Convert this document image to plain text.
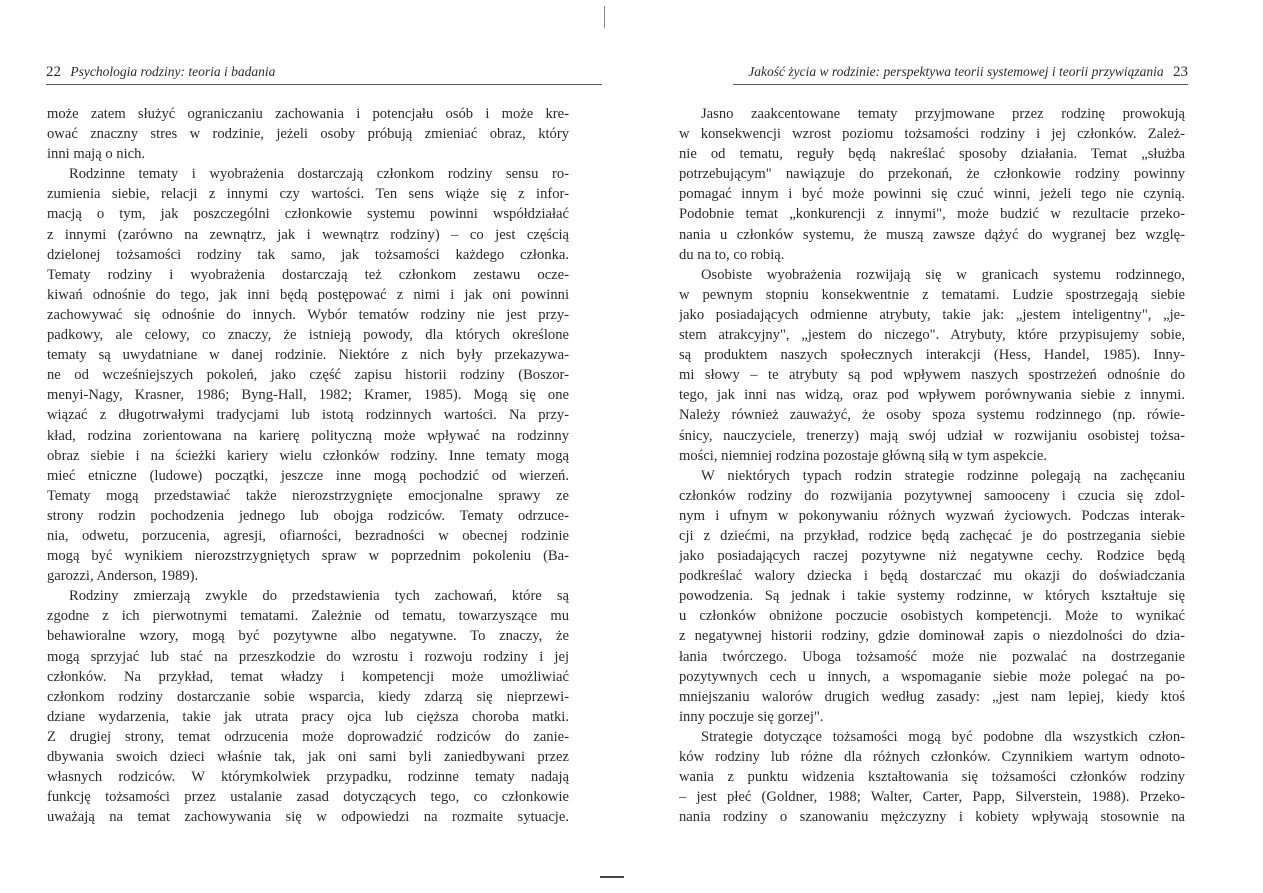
22 Psychologia rodziny: teoria i badania
może zatem służyć ograniczaniu zachowania i potencjału osób i może kre-
ować znaczny stres w rodzinie, jeżeli osoby próbują zmieniać obraz, który
inni mają o nich.
Rodzinne tematy i wyobrażenia dostarczają członkom rodziny sensu ro-
zumienia siebie, relacji z innymi czy wartości. Ten sens wiąże się z infor-
macją o tym, jak poszczególni członkowie systemu powinni współdziałać
z innymi (zarówno na zewnątrz, jak i wewnątrz rodziny) – co jest częścią
dzielonej tożsamości rodziny tak samo, jak tożsamości każdego członka.
Tematy rodziny i wyobrażenia dostarczają też członkom zestawu ocze-
kiwań odnośnie do tego, jak inni będą postępować z nimi i jak oni powinni
zachowywać się odnośnie do innych. Wybór tematów rodziny nie jest przy-
padkowy, ale celowy, co znaczy, że istnieją powody, dla których określone
tematy są uwydatniane w danej rodzinie. Niektóre z nich były przekazywa-
ne od wcześniejszych pokoleń, jako część zapisu historii rodziny (Boszor-
menyi-Nagy, Krasner, 1986; Byng-Hall, 1982; Kramer, 1985). Mogą się one
wiązać z długotrwałymi tradycjami lub istotą rodzinnych wartości. Na przy-
kład, rodzina zorientowana na karierę polityczną może wpływać na rodzinny
obraz siebie i na ścieżki kariery wielu członków rodziny. Inne tematy mogą
mieć etniczne (ludowe) początki, jeszcze inne mogą pochodzić od wierzeń.
Tematy mogą przedstawiać także nierozstrzygnięte emocjonalne sprawy ze
strony rodzin pochodzenia jednego lub obojga rodziców. Tematy odrzuce-
nia, odwetu, porzucenia, agresji, ofiarności, bezradności w obecnej rodzinie
mogą być wynikiem nierozstrzygniętych spraw w poprzednim pokoleniu (Ba-
garozzi, Anderson, 1989).
Rodziny zmierzają zwykle do przedstawienia tych zachowań, które są
zgodne z ich pierwotnymi tematami. Zależnie od tematu, towarzyszące mu
behawioralne wzory, mogą być pozytywne albo negatywne. To znaczy, że
mogą sprzyjać lub stać na przeszkodzie do wzrostu i rozwoju rodziny i jej
członków. Na przykład, temat władzy i kompetencji może umożliwiać
członkom rodziny dostarczanie sobie wsparcia, kiedy zdarzą się nieprzewi-
dziane wydarzenia, takie jak utrata pracy ojca lub cięższa choroba matki.
Z drugiej strony, temat odrzucenia może doprowadzić rodziców do zanie-
dbywania swoich dzieci właśnie tak, jak oni sami byli zaniedbywani przez
własnych rodziców. W którymkolwiek przypadku, rodzinne tematy nadają
funkcję tożsamości przez ustalanie zasad dotyczących tego, co członkowie
uważają na temat zachowywania się w odpowiedzi na rozmaite sytuacje.
Jakość życia w rodzinie: perspektywa teorii systemowej i teorii przywiązania 23
Jasno zaakcentowane tematy przyjmowane przez rodzinę prowokują
w konsekwencji wzrost poziomu tożsamości rodziny i jej członków. Zależ-
nie od tematu, reguły będą nakreślać sposoby działania. Temat „służba
potrzebującym" nawiązuje do przekonań, że członkowie rodziny powinny
pomagać innym i być może powinni się czuć winni, jeżeli tego nie czynią.
Podobnie temat „konkurencji z innymi", może budzić w rezultacie przeko-
nania u członków systemu, że muszą zawsze dążyć do wygranej bez wzglę-
du na to, co robią.
Osobiste wyobrażenia rozwijają się w granicach systemu rodzinnego,
w pewnym stopniu konsekwentnie z tematami. Ludzie spostrzegają siebie
jako posiadających odmienne atrybuty, takie jak: „jestem inteligentny", „je-
stem atrakcyjny", „jestem do niczego". Atrybuty, które przypisujemy sobie,
są produktem naszych społecznych interakcji (Hess, Handel, 1985). Inny-
mi słowy – te atrybuty są pod wpływem naszych spostrzeżeń odnośnie do
tego, jak inni nas widzą, oraz pod wpływem porównywania siebie z innymi.
Należy również zauważyć, że osoby spoza systemu rodzinnego (np. rówie-
śnicy, nauczyciele, trenerzy) mają swój udział w rozwijaniu osobistej tożsa-
mości, niemniej rodzina pozostaje główną siłą w tym aspekcie.
W niektórych typach rodzin strategie rodzinne polegają na zachęcaniu
członków rodziny do rozwijania pozytywnej samooceny i czucia się zdol-
nym i ufnym w pokonywaniu różnych wyzwań życiowych. Podczas interak-
cji z dziećmi, na przykład, rodzice będą zachęcać je do postrzegania siebie
jako posiadających raczej pozytywne niż negatywne cechy. Rodzice będą
podkreślać walory dziecka i będą dostarczać mu okazji do doświadczania
powodzenia. Są jednak i takie systemy rodzinne, w których kształtuje się
u członków obniżone poczucie osobistych kompetencji. Może to wynikać
z negatywnej historii rodziny, gdzie dominował zapis o niezdolności do dzia-
łania twórczego. Uboga tożsamość może nie pozwalać na dostrzeganie
pozytywnych cech u innych, a wspomaganie siebie może polegać na po-
mniejszaniu walorów drugich według zasady: „jest nam lepiej, kiedy ktoś
inny poczuje się gorzej".
Strategie dotyczące tożsamości mogą być podobne dla wszystkich człon-
ków rodziny lub różne dla różnych członków. Czynnikiem wartym odnoto-
wania z punktu widzenia kształtowania się tożsamości członków rodziny
– jest płeć (Goldner, 1988; Walter, Carter, Papp, Silverstein, 1988). Przeko-
nania rodziny o szanowaniu mężczyzny i kobiety wpływają stosownie na
